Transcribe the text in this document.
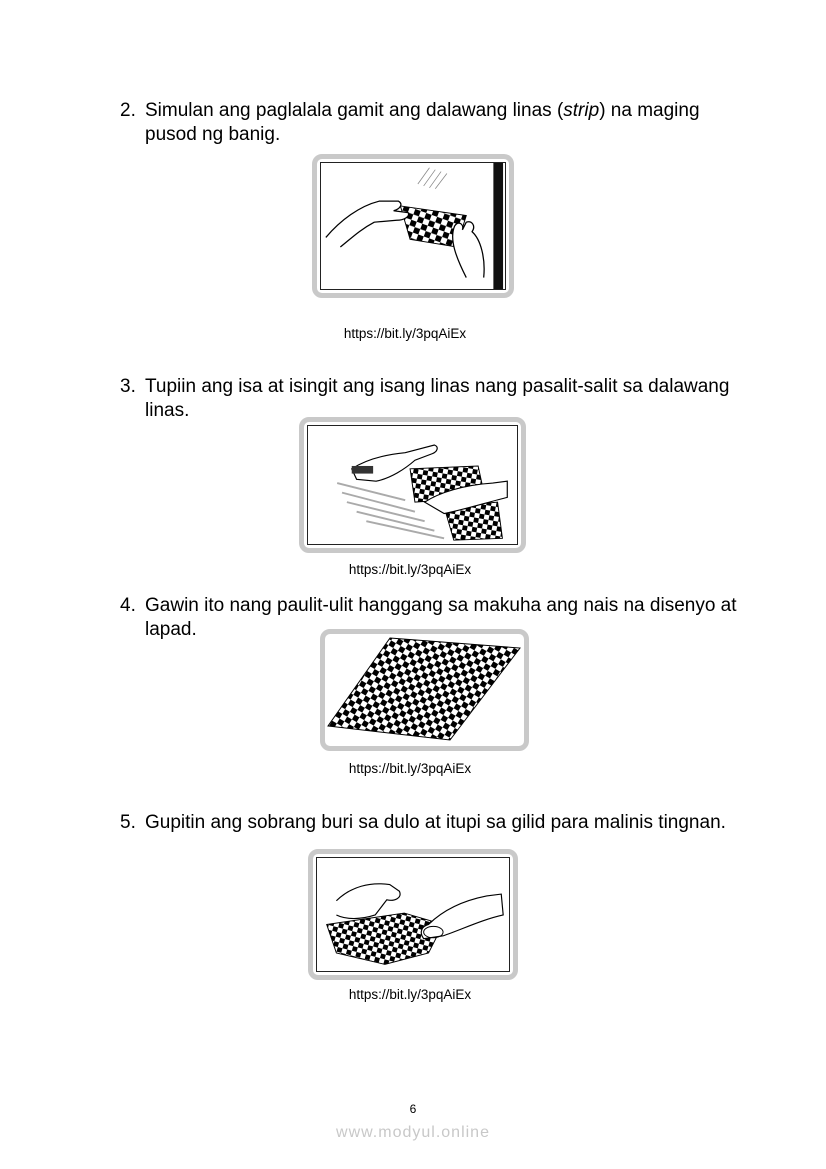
2. Simulan ang paglalala gamit ang dalawang linas (strip) na maging pusod ng banig.
https://bit.ly/3pqAiEx
3. Tupiin ang isa at isingit ang isang linas nang pasalit-salit sa dalawang linas.
https://bit.ly/3pqAiEx
4. Gawin ito nang paulit-ulit hanggang sa makuha ang nais na disenyo at lapad.
https://bit.ly/3pqAiEx
5. Gupitin ang sobrang buri sa dulo at itupi sa gilid para malinis tingnan.
https://bit.ly/3pqAiEx
6
www.modyul.online
